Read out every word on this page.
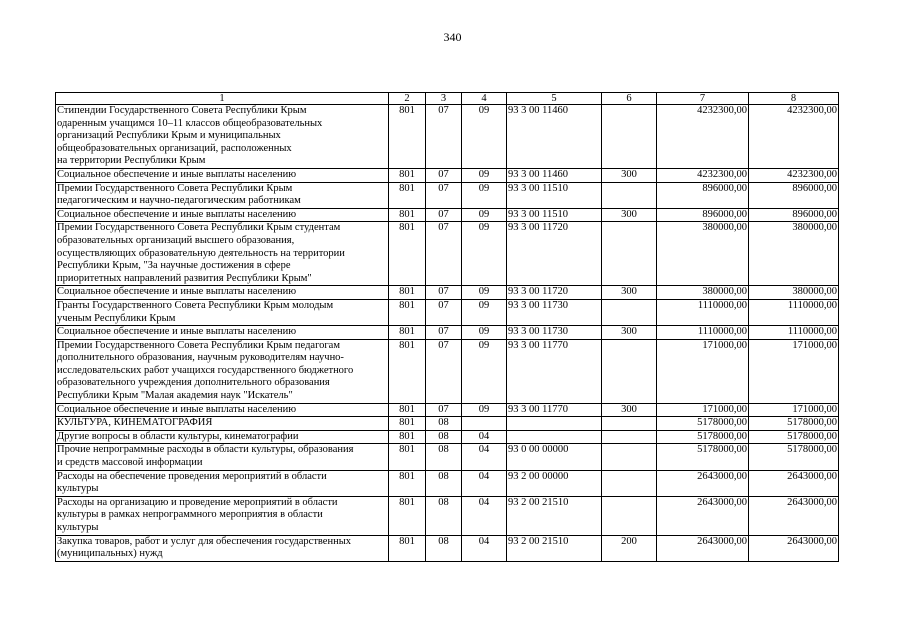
340
1	2	3	4	5	6	7	8
Стипендии Государственного Совета Республики Крым
одаренным учащимся 10–11 классов общеобразовательных
организаций Республики Крым и муниципальных
общеобразовательных организаций, расположенных
на территории Республики Крым	801	07	09	93 3 00 11460		4232300,00	4232300,00
Социальное обеспечение и иные выплаты населению	801	07	09	93 3 00 11460	300	4232300,00	4232300,00
Премии Государственного Совета Республики Крым
педагогическим и научно-педагогическим работникам	801	07	09	93 3 00 11510		896000,00	896000,00
Социальное обеспечение и иные выплаты населению	801	07	09	93 3 00 11510	300	896000,00	896000,00
Премии Государственного Совета Республики Крым студентам
образовательных организаций высшего образования,
осуществляющих образовательную деятельность на территории
Республики Крым, "За научные достижения в сфере
приоритетных направлений развития Республики Крым"	801	07	09	93 3 00 11720		380000,00	380000,00
Социальное обеспечение и иные выплаты населению	801	07	09	93 3 00 11720	300	380000,00	380000,00
Гранты Государственного Совета Республики Крым молодым
ученым Республики Крым	801	07	09	93 3 00 11730		1110000,00	1110000,00
Социальное обеспечение и иные выплаты населению	801	07	09	93 3 00 11730	300	1110000,00	1110000,00
Премии Государственного Совета Республики Крым педагогам
дополнительного образования, научным руководителям научно-
исследовательских работ учащихся государственного бюджетного
образовательного учреждения дополнительного образования
Республики Крым "Малая академия наук "Искатель"	801	07	09	93 3 00 11770		171000,00	171000,00
Социальное обеспечение и иные выплаты населению	801	07	09	93 3 00 11770	300	171000,00	171000,00
КУЛЬТУРА, КИНЕМАТОГРАФИЯ	801	08				5178000,00	5178000,00
Другие вопросы в области культуры, кинематографии	801	08	04			5178000,00	5178000,00
Прочие непрограммные расходы в области культуры, образования
и средств массовой информации	801	08	04	93 0 00 00000		5178000,00	5178000,00
Расходы на обеспечение проведения мероприятий в области
культуры	801	08	04	93 2 00 00000		2643000,00	2643000,00
Расходы на организацию и проведение мероприятий в области
культуры в рамках непрограммного мероприятия в области
культуры	801	08	04	93 2 00 21510		2643000,00	2643000,00
Закупка товаров, работ и услуг для обеспечения государственных
(муниципальных) нужд	801	08	04	93 2 00 21510	200	2643000,00	2643000,00
